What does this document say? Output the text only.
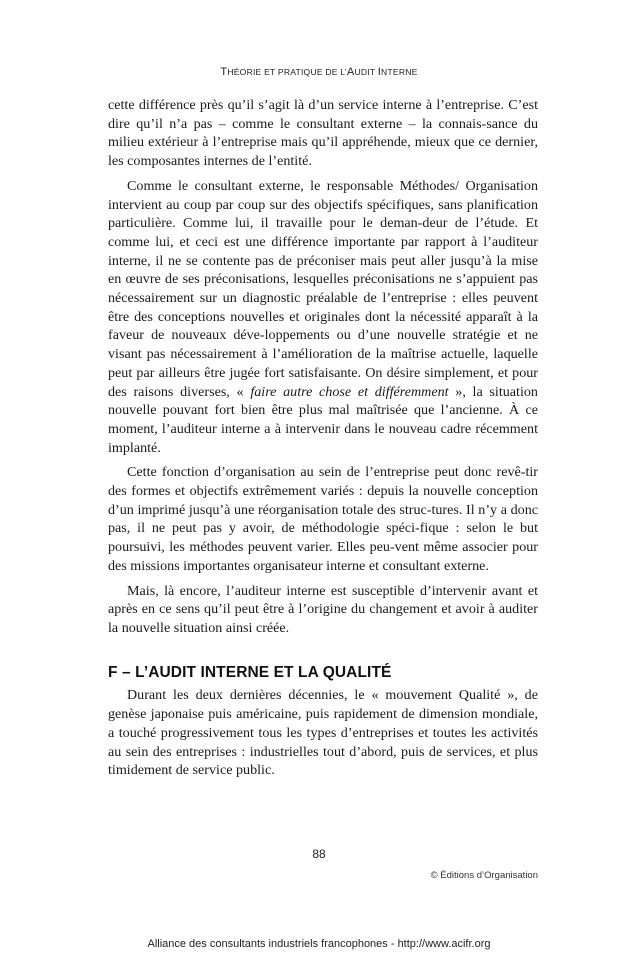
THÉORIE ET PRATIQUE DE L’AUDIT INTERNE

cette différence près qu’il s’agit là d’un service interne à l’entreprise. C’est dire qu’il n’a pas – comme le consultant externe – la connais-sance du milieu extérieur à l’entreprise mais qu’il appréhende, mieux que ce dernier, les composantes internes de l’entité.

Comme le consultant externe, le responsable Méthodes/ Organisation intervient au coup par coup sur des objectifs spécifiques, sans planification particulière. Comme lui, il travaille pour le deman-deur de l’étude. Et comme lui, et ceci est une différence importante par rapport à l’auditeur interne, il ne se contente pas de préconiser mais peut aller jusqu’à la mise en œuvre de ses préconisations, lesquelles préconisations ne s’appuient pas nécessairement sur un diagnostic préalable de l’entreprise : elles peuvent être des conceptions nouvelles et originales dont la nécessité apparaît à la faveur de nouveaux déve-loppements ou d’une nouvelle stratégie et ne visant pas nécessairement à l’amélioration de la maîtrise actuelle, laquelle peut par ailleurs être jugée fort satisfaisante. On désire simplement, et pour des raisons diverses, « faire autre chose et différemment », la situation nouvelle pouvant fort bien être plus mal maîtrisée que l’ancienne. À ce moment, l’auditeur interne a à intervenir dans le nouveau cadre récemment implanté.

Cette fonction d’organisation au sein de l’entreprise peut donc revê-tir des formes et objectifs extrêmement variés : depuis la nouvelle conception d’un imprimé jusqu’à une réorganisation totale des struc-tures. Il n’y a donc pas, il ne peut pas y avoir, de méthodologie spéci-fique : selon le but poursuivi, les méthodes peuvent varier. Elles peu-vent même associer pour des missions importantes organisateur interne et consultant externe.

Mais, là encore, l’auditeur interne est susceptible d’intervenir avant et après en ce sens qu’il peut être à l’origine du changement et avoir à auditer la nouvelle situation ainsi créée.

F – L’AUDIT INTERNE ET LA QUALITÉ

Durant les deux dernières décennies, le « mouvement Qualité », de genèse japonaise puis américaine, puis rapidement de dimension mondiale, a touché progressivement tous les types d’entreprises et toutes les activités au sein des entreprises : industrielles tout d’abord, puis de services, et plus timidement de service public.

88
© Éditions d’Organisation
Alliance des consultants industriels francophones - http://www.acifr.org
